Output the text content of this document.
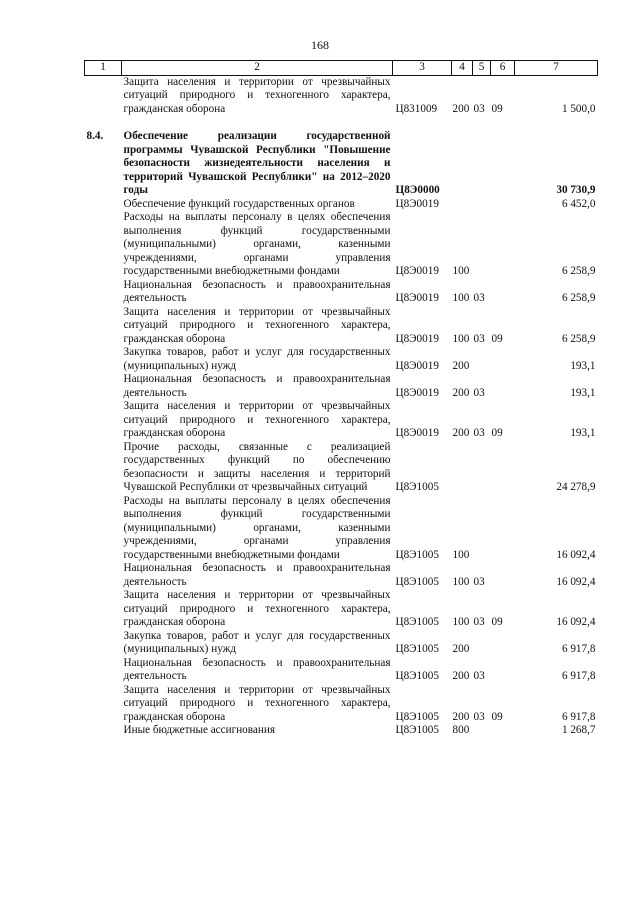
168
1	2	3	4	5	6	7
	Защита населения и территории от чрезвычайных ситуаций природного и техногенного характера, гражданская оборона	Ц831009	200	03	09	1 500,0

8.4.	Обеспечение реализации государственной программы Чувашской Республики "Повышение безопасности жизнедеятельности населения и территорий Чувашской Республики" на 2012–2020 годы	Ц8Э0000				30 730,9
	Обеспечение функций государственных органов	Ц8Э0019				6 452,0
	Расходы на выплаты персоналу в целях обеспечения выполнения функций государственными (муниципальными) органами, казенными учреждениями, органами управления государственными внебюджетными фондами	Ц8Э0019	100			6 258,9
	Национальная безопасность и правоохранительная деятельность	Ц8Э0019	100	03		6 258,9
	Защита населения и территории от чрезвычайных ситуаций природного и техногенного характера, гражданская оборона	Ц8Э0019	100	03	09	6 258,9
	Закупка товаров, работ и услуг для государственных (муниципальных) нужд	Ц8Э0019	200			193,1
	Национальная безопасность и правоохранительная деятельность	Ц8Э0019	200	03		193,1
	Защита населения и территории от чрезвычайных ситуаций природного и техногенного характера, гражданская оборона	Ц8Э0019	200	03	09	193,1
	Прочие расходы, связанные с реализацией государственных функций по обеспечению безопасности и защиты населения и территорий Чувашской Республики от чрезвычайных ситуаций	Ц8Э1005				24 278,9
	Расходы на выплаты персоналу в целях обеспечения выполнения функций государственными (муниципальными) органами, казенными учреждениями, органами управления государственными внебюджетными фондами	Ц8Э1005	100			16 092,4
	Национальная безопасность и правоохранительная деятельность	Ц8Э1005	100	03		16 092,4
	Защита населения и территории от чрезвычайных ситуаций природного и техногенного характера, гражданская оборона	Ц8Э1005	100	03	09	16 092,4
	Закупка товаров, работ и услуг для государственных (муниципальных) нужд	Ц8Э1005	200			6 917,8
	Национальная безопасность и правоохранительная деятельность	Ц8Э1005	200	03		6 917,8
	Защита населения и территории от чрезвычайных ситуаций природного и техногенного характера, гражданская оборона	Ц8Э1005	200	03	09	6 917,8
	Иные бюджетные ассигнования	Ц8Э1005	800			1 268,7
